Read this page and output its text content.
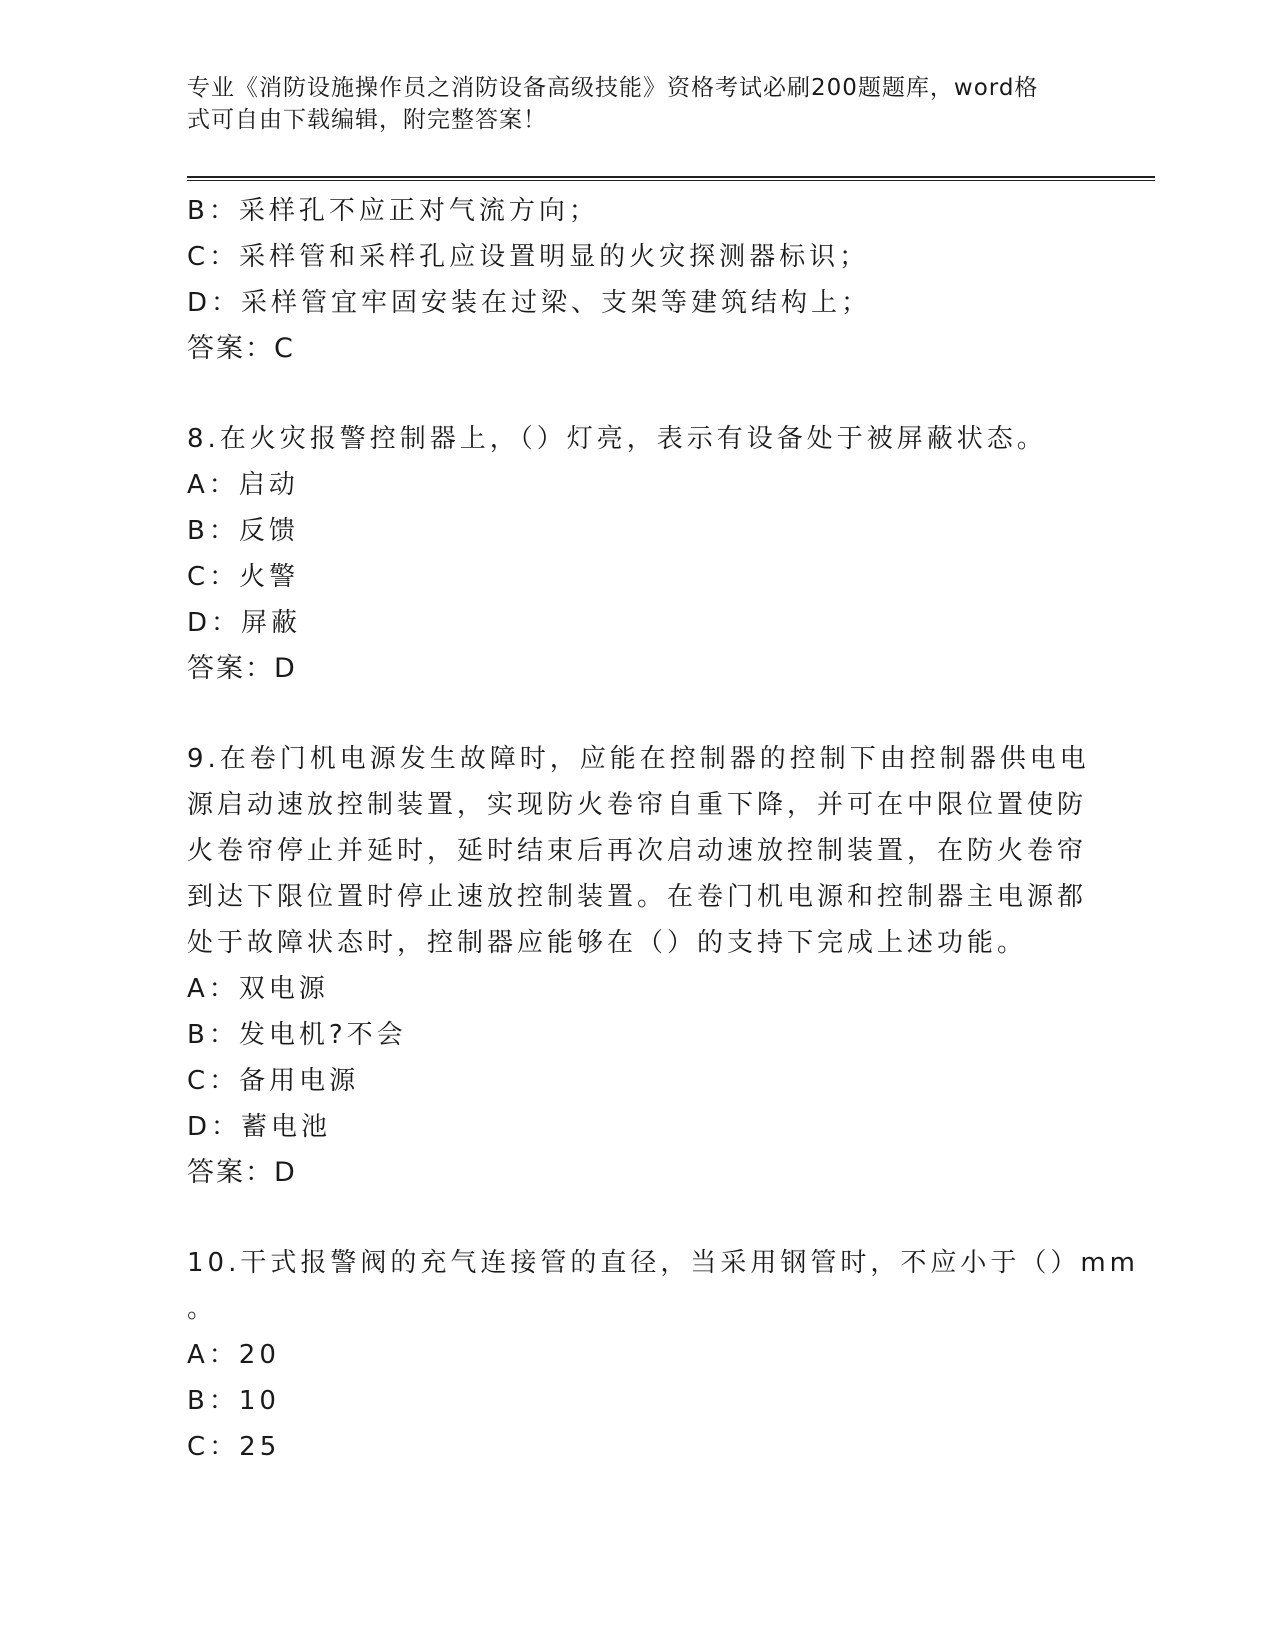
专业《消防设施操作员之消防设备高级技能》资格考试必刷200题题库，word格
式可自由下载编辑，附完整答案！
B：采样孔不应正对气流方向；
C：采样管和采样孔应设置明显的火灾探测器标识；
D：采样管宜牢固安装在过梁、支架等建筑结构上；
答案：C
8.在火灾报警控制器上，（）灯亮，表示有设备处于被屏蔽状态。
A：启动
B：反馈
C：火警
D：屏蔽
答案：D
9.在卷门机电源发生故障时，应能在控制器的控制下由控制器供电电
源启动速放控制装置，实现防火卷帘自重下降，并可在中限位置使防
火卷帘停止并延时，延时结束后再次启动速放控制装置，在防火卷帘
到达下限位置时停止速放控制装置。在卷门机电源和控制器主电源都
处于故障状态时，控制器应能够在（）的支持下完成上述功能。
A：双电源
B：发电机?不会
C：备用电源
D：蓄电池
答案：D
10.干式报警阀的充气连接管的直径，当采用钢管时，不应小于（）mm
。
A：20
B：10
C：25
